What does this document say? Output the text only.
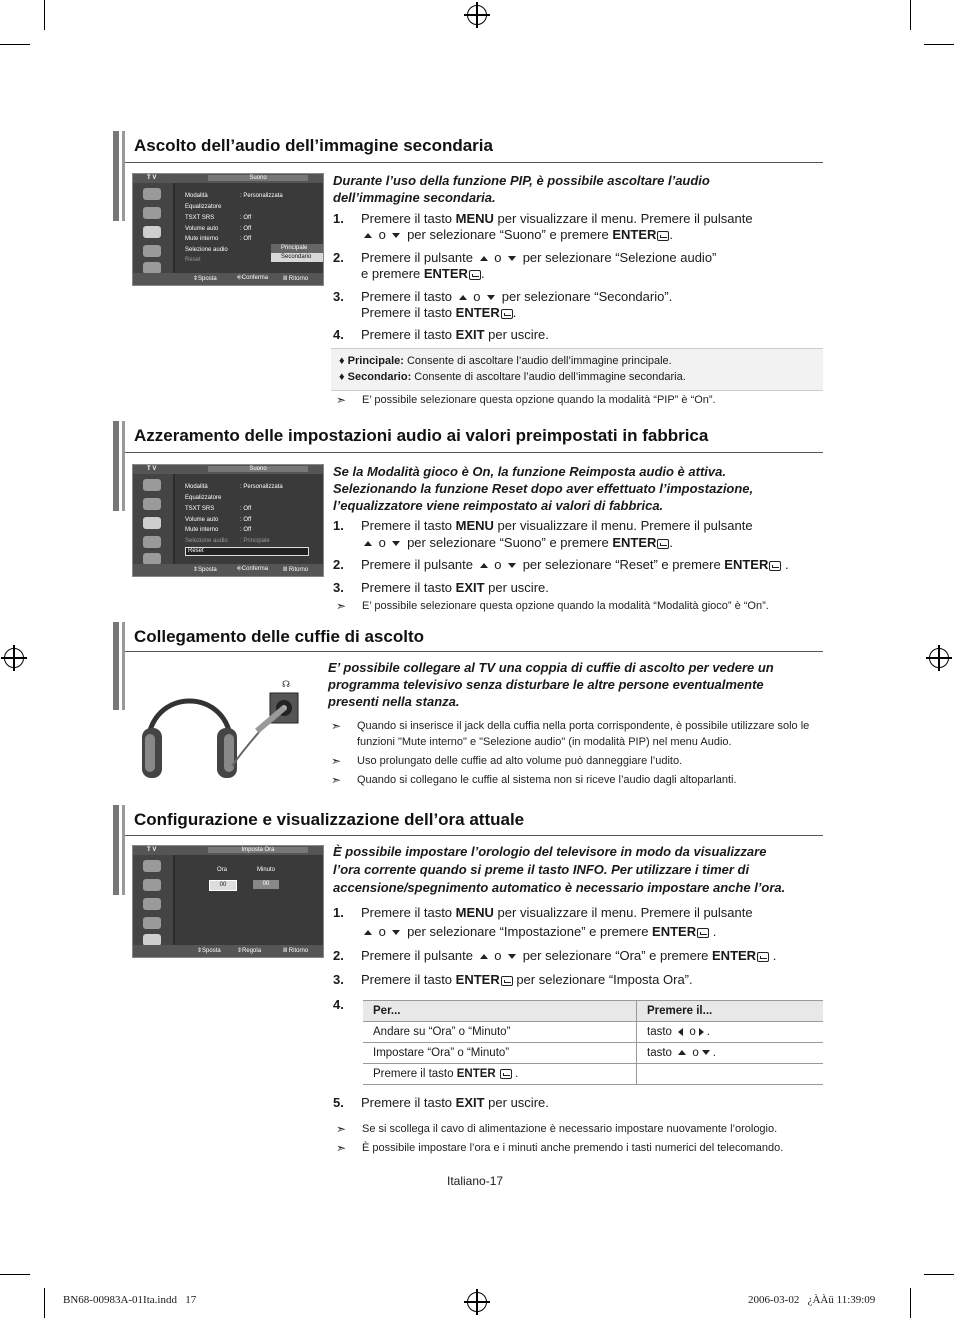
Ascolto dell’audio dell’immagine secondaria
T V	Suono
Modalità	: Personalizzata
Equalizzatore
TSXT SRS	: Off
Volume auto	: Off
Mute interno	: Off
Selezione audio
Reset
Principale
Secondario
⇕Sposta	⎆Conferma Ⅲ Ritorno
Durante l’uso della funzione PIP, è possibile ascoltare l’audio dell’immagine secondaria.
1. Premere il tasto MENU per visualizzare il menu. Premere il pulsante
o  per selezionare “Suono” e premere ENTER .
2. Premere il pulsante  o  per selezionare “Selezione audio”
e premere ENTER .
3. Premere il tasto  o  per selezionare “Secondario”.
Premere il tasto ENTER .
4. Premere il tasto EXIT per uscire.
♦ Principale: Consente di ascoltare l’audio dell’immagine principale.
♦ Secondario: Consente di ascoltare l’audio dell’immagine secondaria.
➣ E’ possibile selezionare questa opzione quando la modalità “PIP” è “On”.
Azzeramento delle impostazioni audio ai valori preimpostati in fabbrica
T V	Suono
Modalità	: Personalizzata
Equalizzatore
TSXT SRS	: Off
Volume auto	: Off
Mute interno	: Off
Selezione audio : Principale
Reset
⇕Sposta	⎆Conferma Ⅲ Ritorno
Se la Modalità gioco è On, la funzione Reimposta audio è attiva.
Selezionando la funzione Reset dopo aver effettuato l’impostazione,
l’equalizzatore viene reimpostato ai valori di fabbrica.
1. Premere il tasto MENU per visualizzare il menu. Premere il pulsante
o  per selezionare “Suono” e premere ENTER .
2. Premere il pulsante  o  per selezionare “Reset” e premere ENTER .
3. Premere il tasto EXIT per uscire.
➣ E’ possibile selezionare questa opzione quando la modalità “Modalità gioco” è “On”.
Collegamento delle cuffie di ascolto
☊
E’ possibile collegare al TV una coppia di cuffie di ascolto per vedere un
programma televisivo senza disturbare le altre persone eventualmente
presenti nella stanza.
➣ Quando si inserisce il jack della cuffia nella porta corrispondente, è possibile utilizzare solo le
funzioni "Mute interno" e "Selezione audio" (in modalità PIP) nel menu Audio.
➣ Uso prolungato delle cuffie ad alto volume può danneggiare l’udito.
➣ Quando si collegano le cuffie al sistema non si riceve l’audio dagli altoparlanti.
Configurazione e visualizzazione dell’ora attuale
T V	Imposta Ora
Ora	Minuto
00	00
⇕Sposta	⇕Regola	Ⅲ Ritorno
È possibile impostare l’orologio del televisore in modo da visualizzare
l’ora corrente quando si preme il tasto INFO. Per utilizzare i timer di
accensione/spegnimento automatico è necessario impostare anche l’ora.
1. Premere il tasto MENU per visualizzare il menu. Premere il pulsante
o  per selezionare “Impostazione” e premere ENTER .
2. Premere il pulsante  o  per selezionare “Ora” e premere ENTER .
3. Premere il tasto ENTER per selezionare “Imposta Ora”.
4.	Per...	Premere il...
Andare su “Ora” o “Minuto”	tasto o .
Impostare “Ora” o “Minuto”	tasto o .
Premere il tasto ENTER  .	
5. Premere il tasto EXIT per uscire.
➣ Se si scollega il cavo di alimentazione è necessario impostare nuovamente l’orologio.
➣ È possibile impostare l’ora e i minuti anche premendo i tasti numerici del telecomando.
Italiano-17
BN68-00983A-01Ita.indd   17	2006-03-02   ¿ÀÀü 11:39:09
